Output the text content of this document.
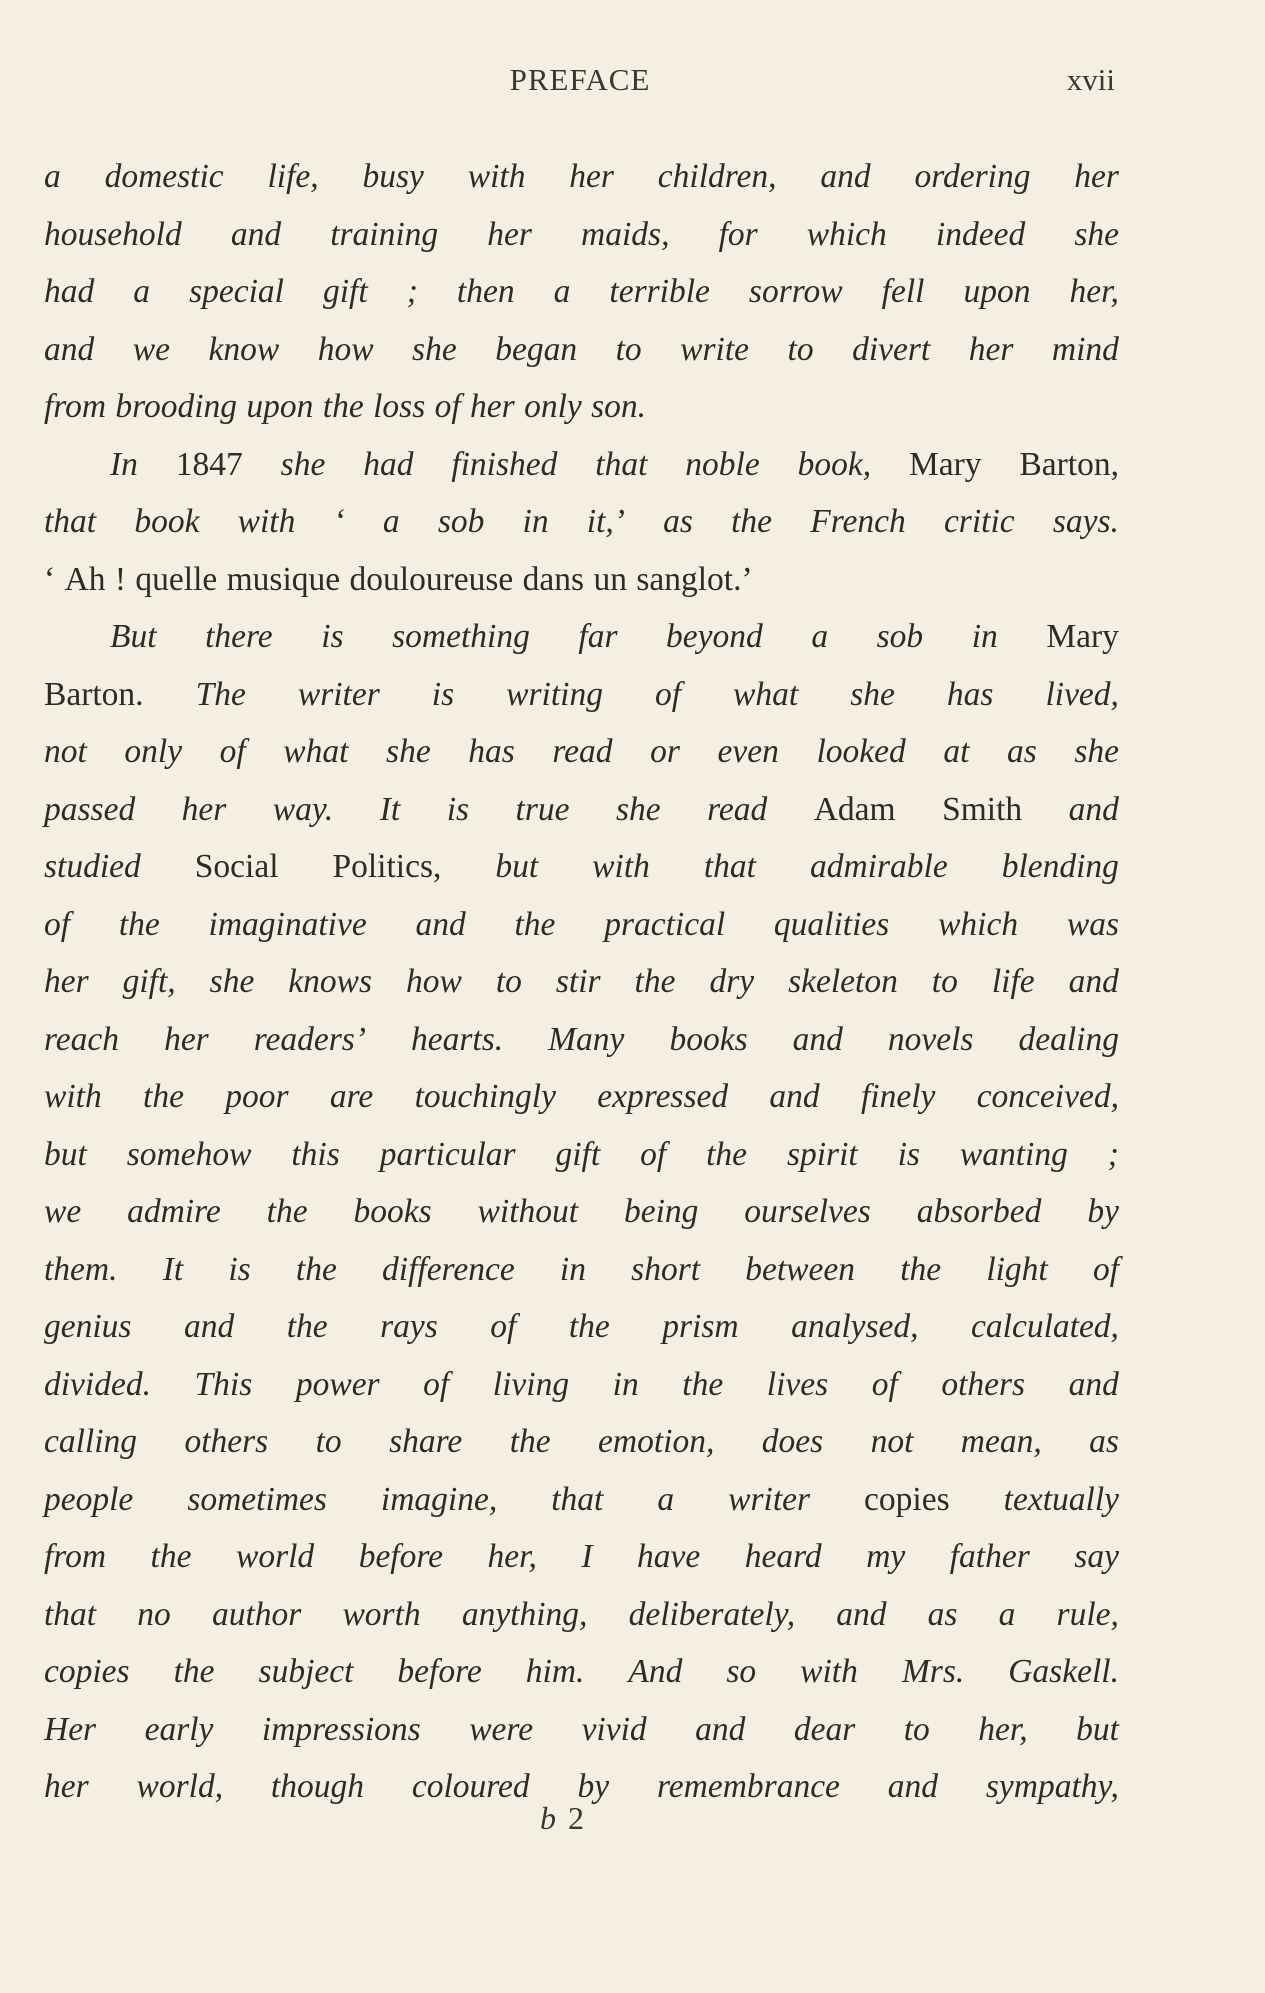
PREFACE	xvii
a domestic life, busy with her children, and ordering her
household and training her maids, for which indeed she
had a special gift ; then a terrible sorrow fell upon her,
and we know how she began to write to divert her mind
from brooding upon the loss of her only son.
In 1847 she had finished that noble book, Mary Barton,
that book with ‘ a sob in it,’ as the French critic says.
‘ Ah ! quelle musique douloureuse dans un sanglot.’
But there is something far beyond a sob in Mary
Barton. The writer is writing of what she has lived,
not only of what she has read or even looked at as she
passed her way. It is true she read Adam Smith and
studied Social Politics, but with that admirable blending
of the imaginative and the practical qualities which was
her gift, she knows how to stir the dry skeleton to life and
reach her readers’ hearts. Many books and novels dealing
with the poor are touchingly expressed and finely conceived,
but somehow this particular gift of the spirit is wanting ;
we admire the books without being ourselves absorbed by
them. It is the difference in short between the light of
genius and the rays of the prism analysed, calculated,
divided. This power of living in the lives of others and
calling others to share the emotion, does not mean, as
people sometimes imagine, that a writer copies textually
from the world before her, I have heard my father say
that no author worth anything, deliberately, and as a rule,
copies the subject before him. And so with Mrs. Gaskell.
Her early impressions were vivid and dear to her, but
her world, though coloured by remembrance and sympathy,
b 2
